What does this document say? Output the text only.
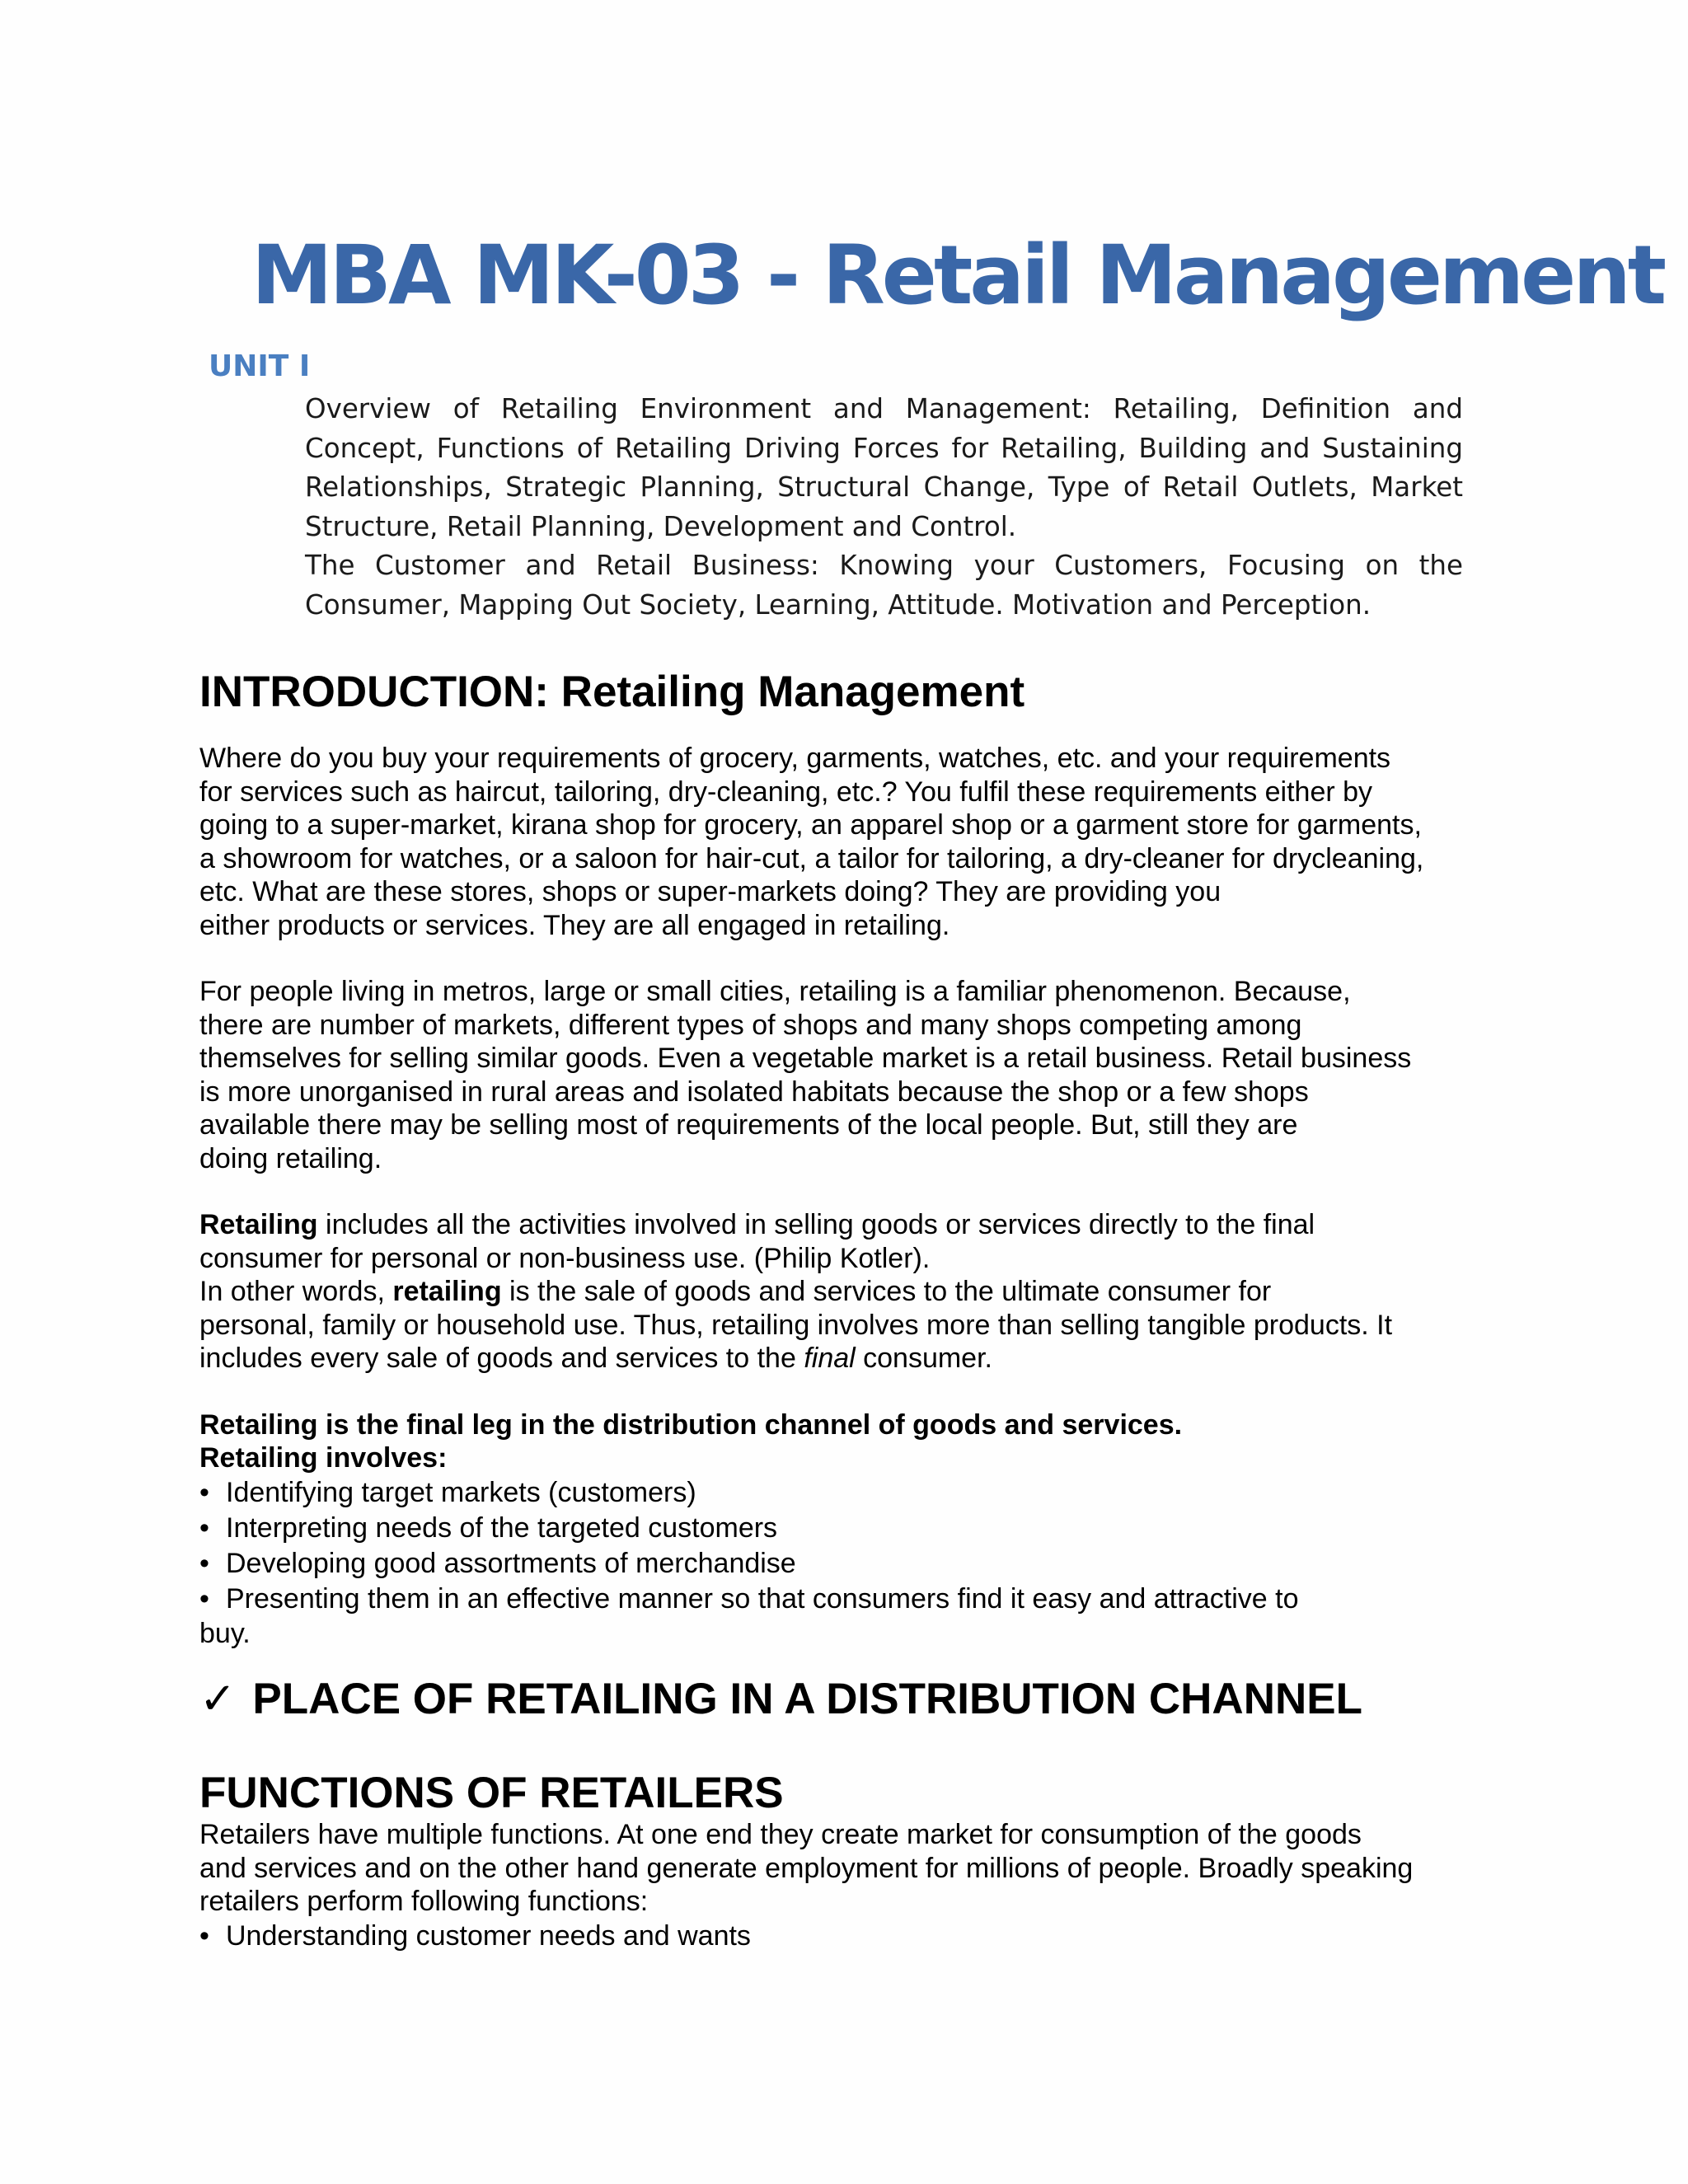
MBA MK-03 - Retail Management
UNIT I

Overview of Retailing Environment and Management: Retailing, Definition and Concept, Functions of Retailing Driving Forces for Retailing, Building and Sustaining Relationships, Strategic Planning, Structural Change, Type of Retail Outlets, Market Structure, Retail Planning, Development and Control.

The Customer and Retail Business: Knowing your Customers, Focusing on the Consumer, Mapping Out Society, Learning, Attitude. Motivation and Perception.

INTRODUCTION: Retailing Management
Where do you buy your requirements of grocery, garments, watches, etc. and your requirements
for services such as haircut, tailoring, dry-cleaning, etc.? You fulfil these requirements either by
going to a super-market, kirana shop for grocery, an apparel shop or a garment store for garments,
a showroom for watches, or a saloon for hair-cut, a tailor for tailoring, a dry-cleaner for drycleaning,
etc. What are these stores, shops or super-markets doing? They are providing you
either products or services. They are all engaged in retailing.
For people living in metros, large or small cities, retailing is a familiar phenomenon. Because,
there are number of markets, different types of shops and many shops competing among
themselves for selling similar goods. Even a vegetable market is a retail business. Retail business
is more unorganised in rural areas and isolated habitats because the shop or a few shops
available there may be selling most of requirements of the local people. But, still they are
doing retailing.
Retailing includes all the activities involved in selling goods or services directly to the final
consumer for personal or non-business use. (Philip Kotler).
In other words, retailing is the sale of goods and services to the ultimate consumer for
personal, family or household use. Thus, retailing involves more than selling tangible products. It
includes every sale of goods and services to the final consumer.
Retailing is the final leg in the distribution channel of goods and services.
Retailing involves:
• Identifying target markets (customers)
• Interpreting needs of the targeted customers
• Developing good assortments of merchandise
• Presenting them in an effective manner so that consumers find it easy and attractive to
buy.
✓ PLACE OF RETAILING IN A DISTRIBUTION CHANNEL
FUNCTIONS OF RETAILERS
Retailers have multiple functions. At one end they create market for consumption of the goods
and services and on the other hand generate employment for millions of people. Broadly speaking
retailers perform following functions:
• Understanding customer needs and wants
